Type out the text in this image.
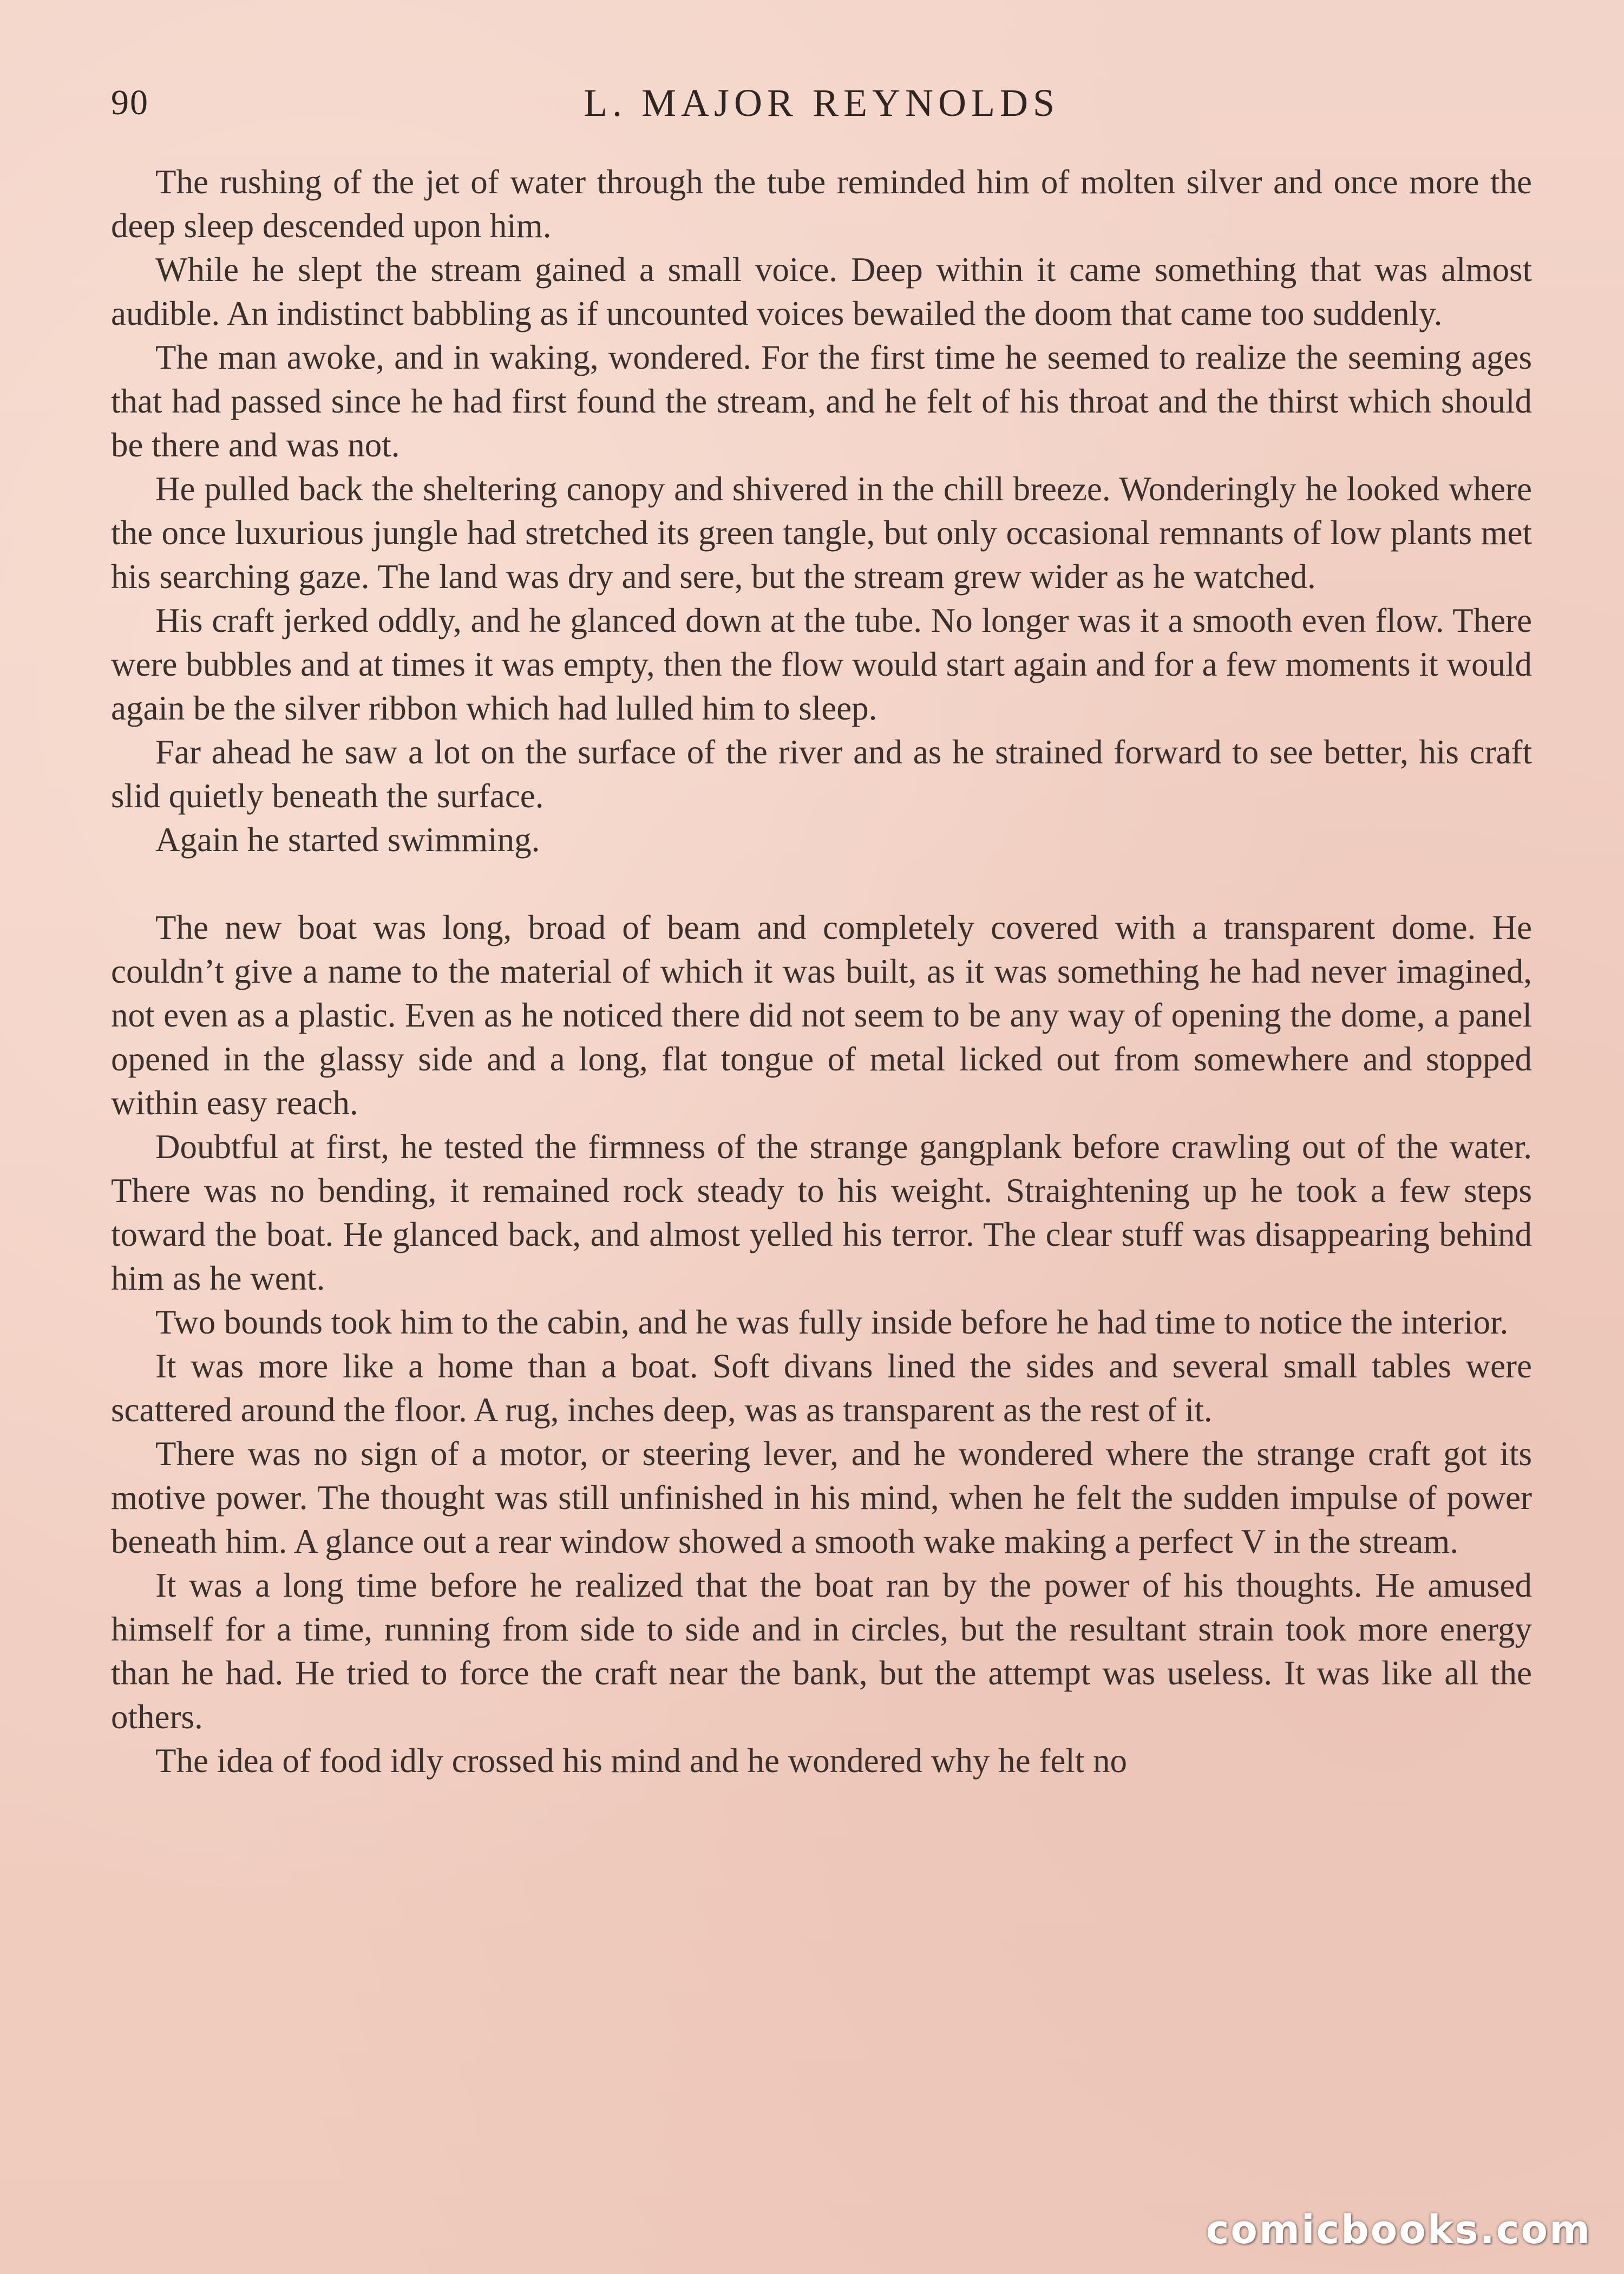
90	L. MAJOR REYNOLDS

The rushing of the jet of water through the tube reminded him of molten silver and once more the deep sleep descended upon him.

While he slept the stream gained a small voice. Deep within it came something that was almost audible. An indistinct babbling as if uncounted voices bewailed the doom that came too suddenly.

The man awoke, and in waking, wondered. For the first time he seemed to realize the seeming ages that had passed since he had first found the stream, and he felt of his throat and the thirst which should be there and was not.

He pulled back the sheltering canopy and shivered in the chill breeze. Wonderingly he looked where the once luxurious jungle had stretched its green tangle, but only occasional remnants of low plants met his searching gaze. The land was dry and sere, but the stream grew wider as he watched.

His craft jerked oddly, and he glanced down at the tube. No longer was it a smooth even flow. There were bubbles and at times it was empty, then the flow would start again and for a few moments it would again be the silver ribbon which had lulled him to sleep.

Far ahead he saw a lot on the surface of the river and as he strained forward to see better, his craft slid quietly beneath the surface.

Again he started swimming.

The new boat was long, broad of beam and completely covered with a transparent dome. He couldn’t give a name to the material of which it was built, as it was something he had never imagined, not even as a plastic. Even as he noticed there did not seem to be any way of opening the dome, a panel opened in the glassy side and a long, flat tongue of metal licked out from somewhere and stopped within easy reach.

Doubtful at first, he tested the firmness of the strange gangplank before crawling out of the water. There was no bending, it remained rock steady to his weight. Straightening up he took a few steps toward the boat. He glanced back, and almost yelled his terror. The clear stuff was disappearing behind him as he went.

Two bounds took him to the cabin, and he was fully inside before he had time to notice the interior.

It was more like a home than a boat. Soft divans lined the sides and several small tables were scattered around the floor. A rug, inches deep, was as transparent as the rest of it.

There was no sign of a motor, or steering lever, and he wondered where the strange craft got its motive power. The thought was still unfinished in his mind, when he felt the sudden impulse of power beneath him. A glance out a rear window showed a smooth wake making a perfect V in the stream.

It was a long time before he realized that the boat ran by the power of his thoughts. He amused himself for a time, running from side to side and in circles, but the resultant strain took more energy than he had. He tried to force the craft near the bank, but the attempt was useless. It was like all the others.

The idea of food idly crossed his mind and he wondered why he felt no

comicbooks.com
